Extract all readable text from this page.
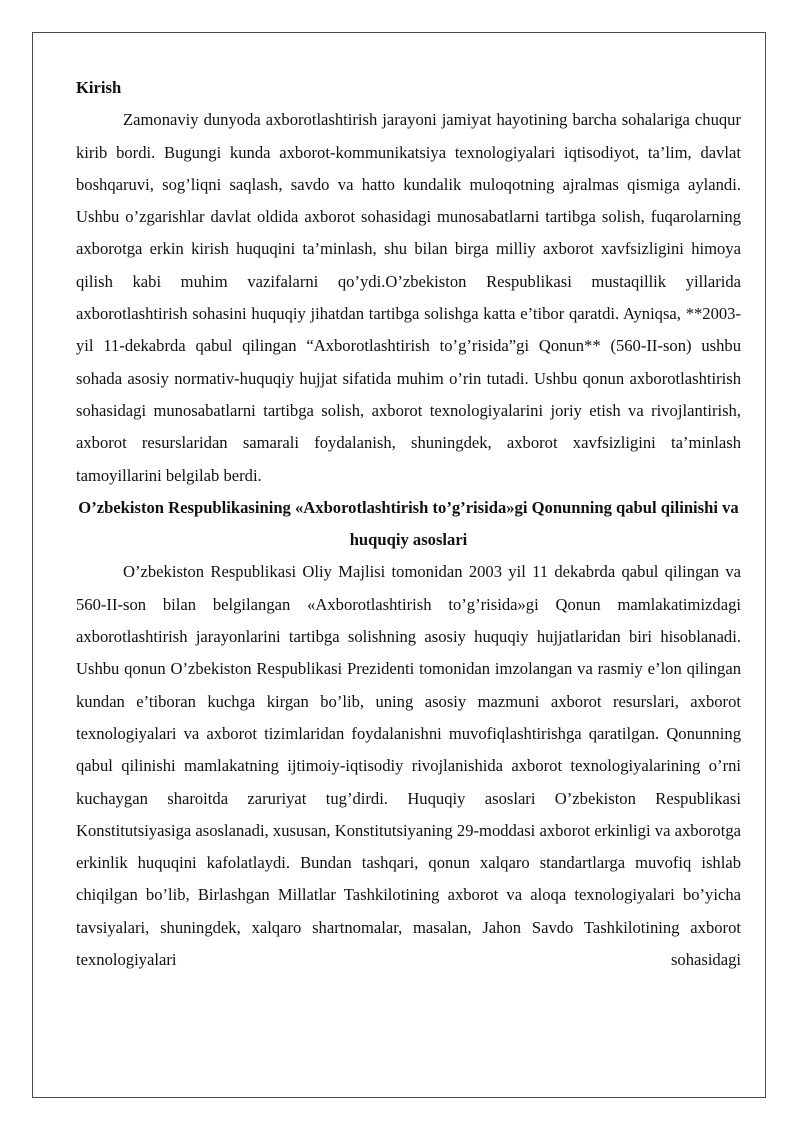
Kirish

Zamonaviy dunyoda axborotlashtirish jarayoni jamiyat hayotining barcha sohalariga chuqur kirib bordi. Bugungi kunda axborot-kommunikatsiya texnologiyalari iqtisodiyot, ta’lim, davlat boshqaruvi, sog’liqni saqlash, savdo va hatto kundalik muloqotning ajralmas qismiga aylandi. Ushbu o’zgarishlar davlat oldida axborot sohasidagi munosabatlarni tartibga solish, fuqarolarning axborotga erkin kirish huquqini ta’minlash, shu bilan birga milliy axborot xavfsizligini himoya qilish kabi muhim vazifalarni qo’ydi.O’zbekiston Respublikasi mustaqillik yillarida axborotlashtirish sohasini huquqiy jihatdan tartibga solishga katta e’tibor qaratdi. Ayniqsa, **2003-yil 11-dekabrda qabul qilingan “Axborotlashtirish to’g’risida”gi Qonun** (560-II-son) ushbu sohada asosiy normativ-huquqiy hujjat sifatida muhim o’rin tutadi. Ushbu qonun axborotlashtirish sohasidagi munosabatlarni tartibga solish, axborot texnologiyalarini joriy etish va rivojlantirish, axborot resurslaridan samarali foydalanish, shuningdek, axborot xavfsizligini ta’minlash tamoyillarini belgilab berdi.

O’zbekiston Respublikasining «Axborotlashtirish to’g’risida»gi Qonunning qabul qilinishi va huquqiy asoslari

O’zbekiston Respublikasi Oliy Majlisi tomonidan 2003 yil 11 dekabrda qabul qilingan va 560-II-son bilan belgilangan «Axborotlashtirish to’g’risida»gi Qonun mamlakatimizdagi axborotlashtirish jarayonlarini tartibga solishning asosiy huquqiy hujjatlaridan biri hisoblanadi. Ushbu qonun O’zbekiston Respublikasi Prezidenti tomonidan imzolangan va rasmiy e’lon qilingan kundan e’tiboran kuchga kirgan bo’lib, uning asosiy mazmuni axborot resurslari, axborot texnologiyalari va axborot tizimlaridan foydalanishni muvofiqlashtirishga qaratilgan. Qonunning qabul qilinishi mamlakatning ijtimoiy-iqtisodiy rivojlanishida axborot texnologiyalarining o’rni kuchaygan sharoitda zaruriyat tug’dirdi. Huquqiy asoslari O’zbekiston Respublikasi Konstitutsiyasiga asoslanadi, xususan, Konstitutsiyaning 29-moddasi axborot erkinligi va axborotga erkinlik huquqini kafolatlaydi. Bundan tashqari, qonun xalqaro standartlarga muvofiq ishlab chiqilgan bo’lib, Birlashgan Millatlar Tashkilotining axborot va aloqa texnologiyalari bo’yicha tavsiyalari, shuningdek, xalqaro shartnomalar, masalan, Jahon Savdo Tashkilotining axborot texnologiyalari sohasidagi
